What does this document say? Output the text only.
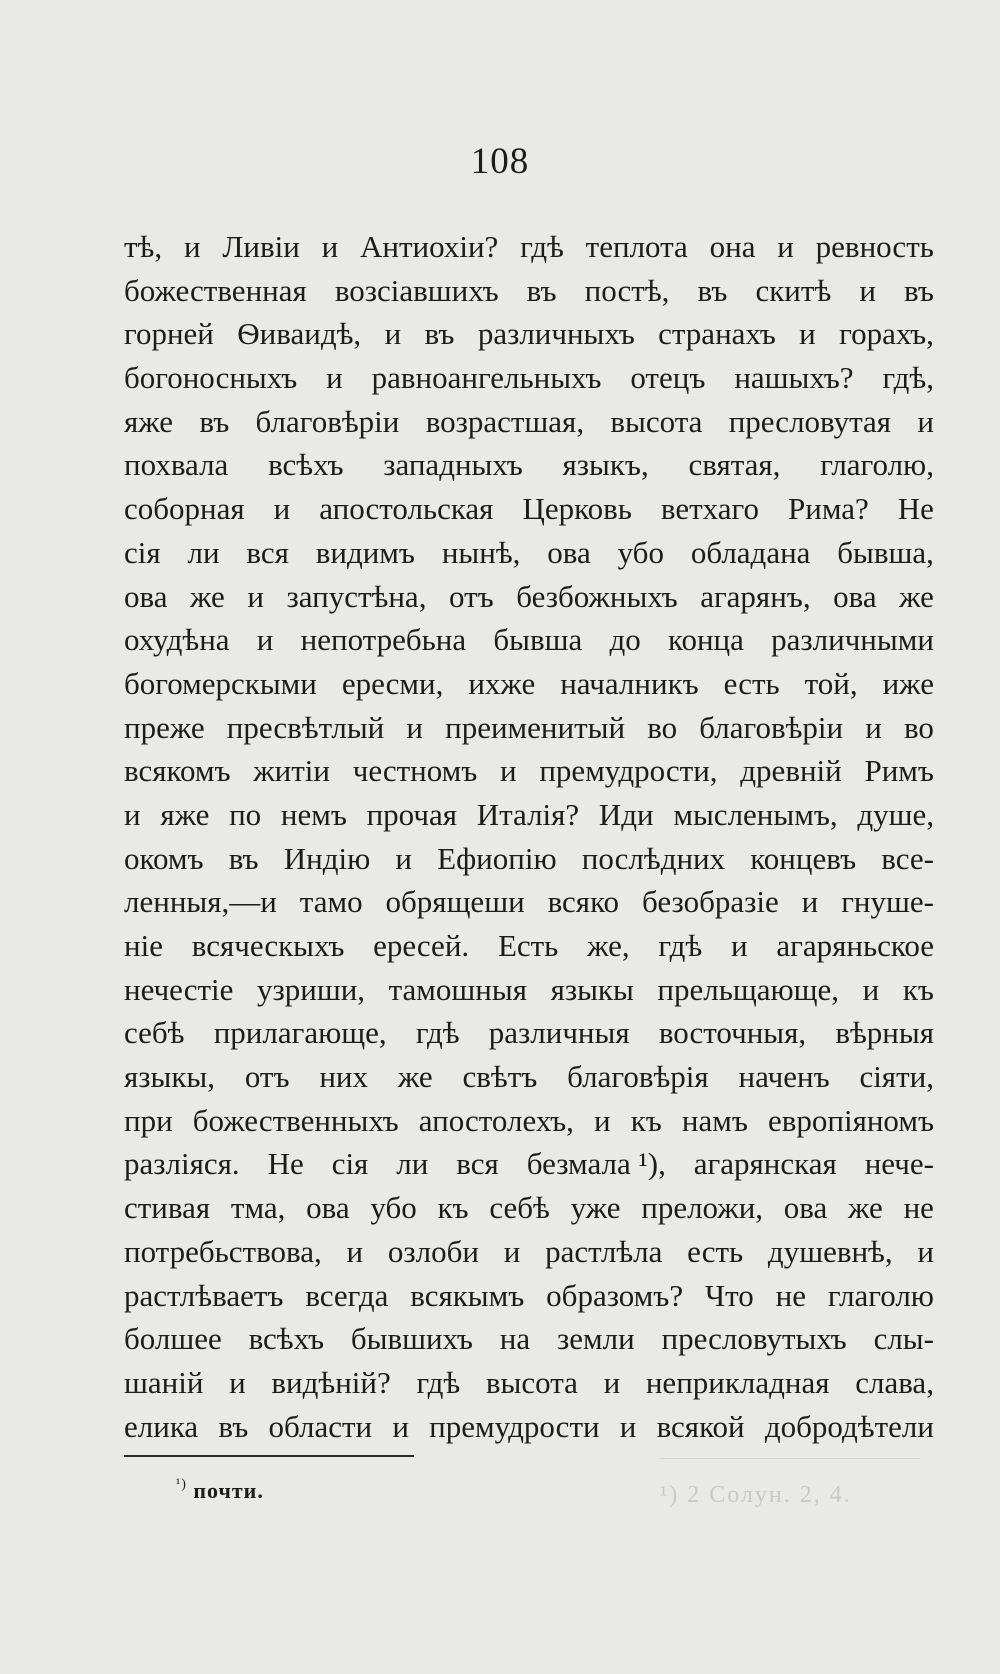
108
тѣ, и Ливіи и Антиохіи? гдѣ теплота она и ревность
божественная возсіавшихъ въ постѣ, въ скитѣ и въ
горней Ѳиваидѣ, и въ различныхъ странахъ и горахъ,
богоносныхъ и равноангельныхъ отецъ нашыхъ? гдѣ,
яже въ благовѣріи возрастшая, высота пресловутая и
похвала всѣхъ западныхъ языкъ, святая, глаголю,
соборная и апостольская Церковь ветхаго Рима? Не
сія ли вся видимъ нынѣ, ова убо обладана бывша,
ова же и запустѣна, отъ безбожныхъ агарянъ, ова же
охудѣна и непотребьна бывша до конца различными
богомерскыми ересми, ихже началникъ есть той, иже
преже пресвѣтлый и преименитый во благовѣріи и во
всякомъ житіи честномъ и премудрости, древній Римъ
и яже по немъ прочая Италія? Иди мысленымъ, душе,
окомъ въ Индію и Ефиопію послѣдних концевъ все-
ленныя,—и тамо обрящеши всяко безобразіе и гнуше-
ніе всяческыхъ ересей. Есть же, гдѣ и агаряньское
нечестіе узриши, тамошныя языкы прельщающе, и къ
себѣ прилагающе, гдѣ различныя восточныя, вѣрныя
языкы, отъ них же свѣтъ благовѣрія наченъ сіяти,
при божественныхъ апостолехъ, и къ намъ европіяномъ
разліяся. Не сія ли вся безмала ¹), агарянская нече-
стивая тма, ова убо къ себѣ уже преложи, ова же не
потребьствова, и озлоби и растлѣла есть душевнѣ, и
растлѣваетъ всегда всякымъ образомъ? Что не глаголю
болшее всѣхъ бывшихъ на земли пресловутыхъ слы-
шаній и видѣній? гдѣ высота и неприкладная слава,
елика въ области и премудрости и всякой добродѣтели
¹) 2 Солун. 2, 4.
$^{^1)}$ почти.
